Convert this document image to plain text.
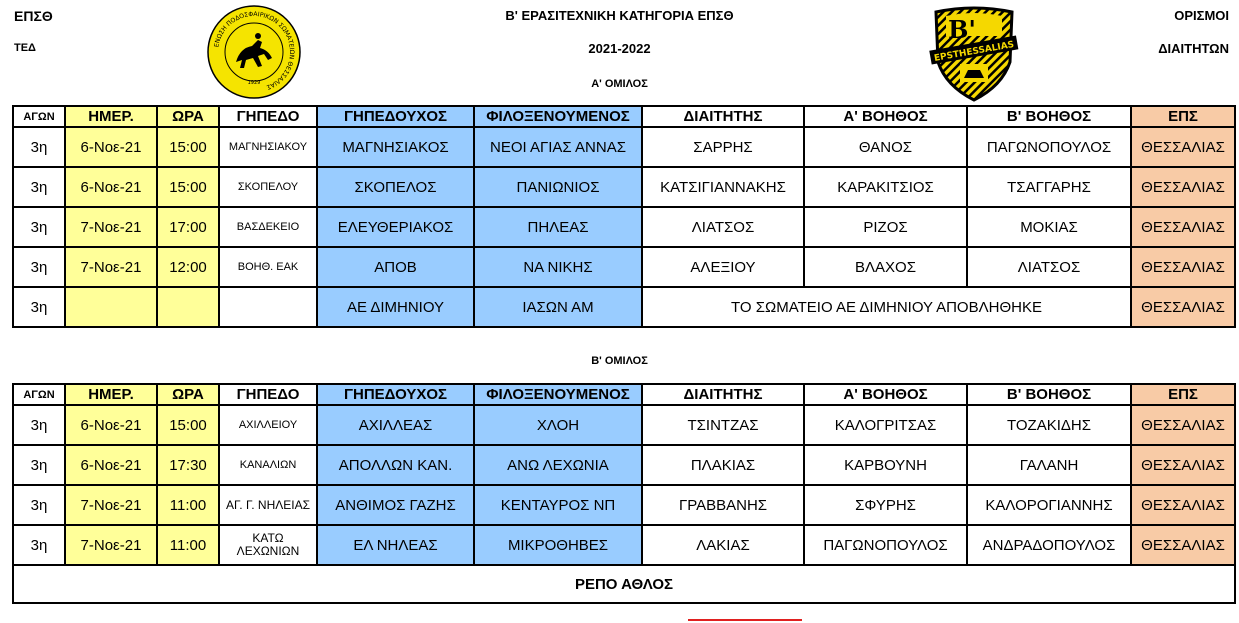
ΕΠΣΘ
ΤΕΔ
Β' ΕΡΑΣΙΤΕΧΝΙΚΗ ΚΑΤΗΓΟΡΙΑ ΕΠΣΘ
2021-2022
Α' ΟΜΙΛΟΣ
ΟΡΙΣΜΟΙ
ΔΙΑΙΤΗΤΩΝ
ΕΝΩΣΗ ΠΟΔΟΣΦΑΙΡΙΚΩΝ ΣΩΜΑΤΕΙΩΝ ΘΕΣΣΑΛΙΑΣ
1929
B'
EPSTHESSALIAS
ΑΓΩΝ	ΗΜΕΡ.	ΩΡΑ	ΓΗΠΕΔΟ	ΓΗΠΕΔΟΥΧΟΣ	ΦΙΛΟΞΕΝΟΥΜΕΝΟΣ	ΔΙΑΙΤΗΤΗΣ	Α' ΒΟΗΘΟΣ	Β' ΒΟΗΘΟΣ	ΕΠΣ
3η	6-Νοε-21	15:00	ΜΑΓΝΗΣΙΑΚΟΥ	ΜΑΓΝΗΣΙΑΚΟΣ	ΝΕΟΙ ΑΓΙΑΣ ΑΝΝΑΣ	ΣΑΡΡΗΣ	ΘΑΝΟΣ	ΠΑΓΩΝΟΠΟΥΛΟΣ	ΘΕΣΣΑΛΙΑΣ
3η	6-Νοε-21	15:00	ΣΚΟΠΕΛΟΥ	ΣΚΟΠΕΛΟΣ	ΠΑΝΙΩΝΙΟΣ	ΚΑΤΣΙΓΙΑΝΝΑΚΗΣ	ΚΑΡΑΚΙΤΣΙΟΣ	ΤΣΑΓΓΑΡΗΣ	ΘΕΣΣΑΛΙΑΣ
3η	7-Νοε-21	17:00	ΒΑΣΔΕΚΕΙΟ	ΕΛΕΥΘΕΡΙΑΚΟΣ	ΠΗΛΕΑΣ	ΛΙΑΤΣΟΣ	ΡΙΖΟΣ	ΜΟΚΙΑΣ	ΘΕΣΣΑΛΙΑΣ
3η	7-Νοε-21	12:00	ΒΟΗΘ. ΕΑΚ	ΑΠΟΒ	ΝΑ ΝΙΚΗΣ	ΑΛΕΞΙΟΥ	ΒΛΑΧΟΣ	ΛΙΑΤΣΟΣ	ΘΕΣΣΑΛΙΑΣ
3η				ΑΕ ΔΙΜΗΝΙΟΥ	ΙΑΣΩΝ ΑΜ	ΤΟ ΣΩΜΑΤΕΙΟ ΑΕ ΔΙΜΗΝΙΟΥ ΑΠΟΒΛΗΘΗΚΕ			ΘΕΣΣΑΛΙΑΣ
Β' ΟΜΙΛΟΣ
ΑΓΩΝ	ΗΜΕΡ.	ΩΡΑ	ΓΗΠΕΔΟ	ΓΗΠΕΔΟΥΧΟΣ	ΦΙΛΟΞΕΝΟΥΜΕΝΟΣ	ΔΙΑΙΤΗΤΗΣ	Α' ΒΟΗΘΟΣ	Β' ΒΟΗΘΟΣ	ΕΠΣ
3η	6-Νοε-21	15:00	ΑΧΙΛΛΕΙΟΥ	ΑΧΙΛΛΕΑΣ	ΧΛΟΗ	ΤΣΙΝΤΖΑΣ	ΚΑΛΟΓΡΙΤΣΑΣ	ΤΟΖΑΚΙΔΗΣ	ΘΕΣΣΑΛΙΑΣ
3η	6-Νοε-21	17:30	ΚΑΝΑΛΙΩΝ	ΑΠΟΛΛΩΝ ΚΑΝ.	ΑΝΩ ΛΕΧΩΝΙΑ	ΠΛΑΚΙΑΣ	ΚΑΡΒΟΥΝΗ	ΓΑΛΑΝΗ	ΘΕΣΣΑΛΙΑΣ
3η	7-Νοε-21	11:00	ΑΓ. Γ. ΝΗΛΕΙΑΣ	ΑΝΘΙΜΟΣ ΓΑΖΗΣ	ΚΕΝΤΑΥΡΟΣ ΝΠ	ΓΡΑΒΒΑΝΗΣ	ΣΦΥΡΗΣ	ΚΑΛΟΡΟΓΙΑΝΝΗΣ	ΘΕΣΣΑΛΙΑΣ
3η	7-Νοε-21	11:00	ΚΑΤΩ ΛΕΧΩΝΙΩΝ	ΕΛ ΝΗΛΕΑΣ	ΜΙΚΡΟΘΗΒΕΣ	ΛΑΚΙΑΣ	ΠΑΓΩΝΟΠΟΥΛΟΣ	ΑΝΔΡΑΔΟΠΟΥΛΟΣ	ΘΕΣΣΑΛΙΑΣ
ΡΕΠΟ ΑΘΛΟΣ									
